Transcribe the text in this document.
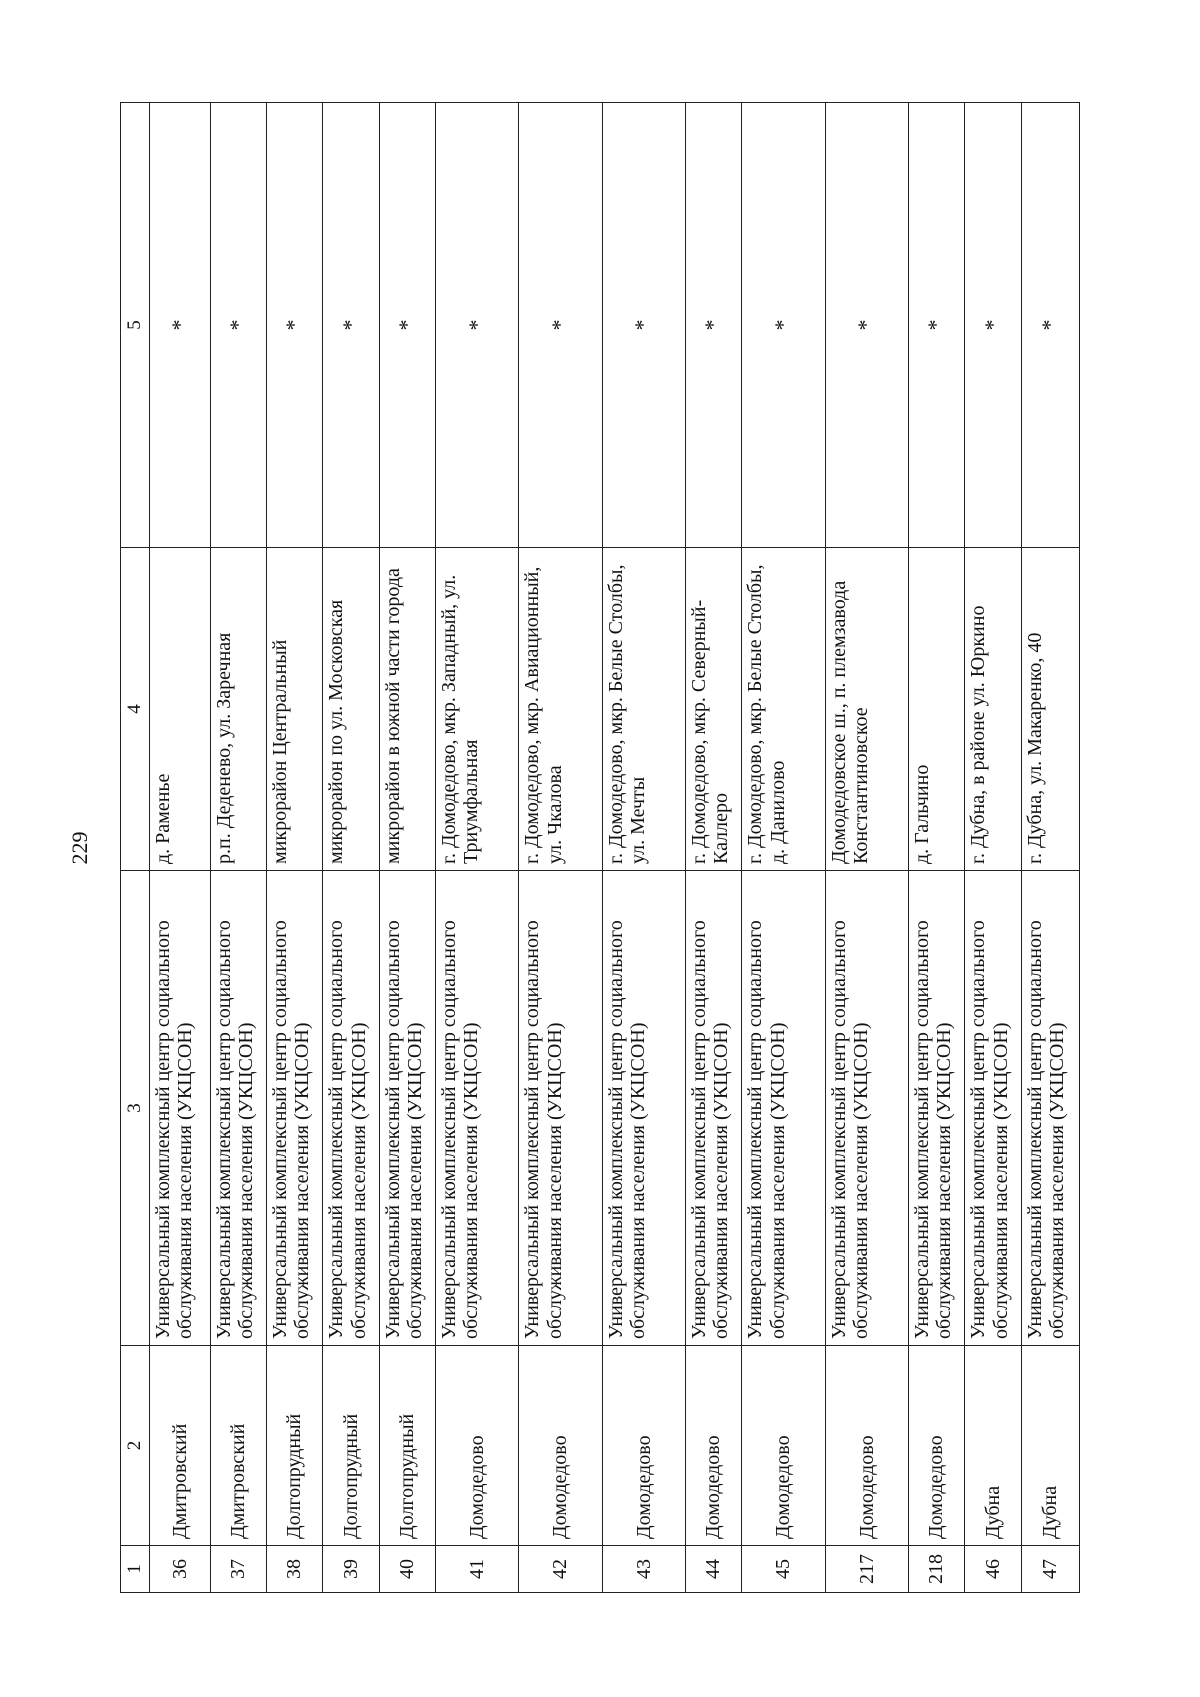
229
1	2	3	4	5
36	Дмитровский	Универсальный комплексный центр социального обслуживания населения (УКЦСОН)	д. Раменье	*
37	Дмитровский	Универсальный комплексный центр социального обслуживания населения (УКЦСОН)	р.п. Деденево, ул. Заречная	*
38	Долгопрудный	Универсальный комплексный центр социального обслуживания населения (УКЦСОН)	микрорайон Центральный	*
39	Долгопрудный	Универсальный комплексный центр социального обслуживания населения (УКЦСОН)	микрорайон по ул. Московская	*
40	Долгопрудный	Универсальный комплексный центр социального обслуживания населения (УКЦСОН)	микрорайон в южной части города	*
41	Домодедово	Универсальный комплексный центр социального обслуживания населения (УКЦСОН)	г. Домодедово, мкр. Западный, ул. Триумфальная	*
42	Домодедово	Универсальный комплексный центр социального обслуживания населения (УКЦСОН)	г. Домодедово, мкр. Авиационный, ул. Чкалова	*
43	Домодедово	Универсальный комплексный центр социального обслуживания населения (УКЦСОН)	г. Домодедово, мкр. Белые Столбы, ул. Мечты	*
44	Домодедово	Универсальный комплексный центр социального обслуживания населения (УКЦСОН)	г. Домодедово, мкр. Северный- Каллеро	*
45	Домодедово	Универсальный комплексный центр социального обслуживания населения (УКЦСОН)	г. Домодедово, мкр. Белые Столбы, д. Данилово	*
217	Домодедово	Универсальный комплексный центр социального обслуживания населения (УКЦСОН)	Домодедовское ш., п. племзавода Константиновское	*
218	Домодедово	Универсальный комплексный центр социального обслуживания населения (УКЦСОН)	д. Гальчино	*
46	Дубна	Универсальный комплексный центр социального обслуживания населения (УКЦСОН)	г. Дубна, в районе ул. Юркино	*
47	Дубна	Универсальный комплексный центр социального обслуживания населения (УКЦСОН)	г. Дубна, ул. Макаренко, 40	*
